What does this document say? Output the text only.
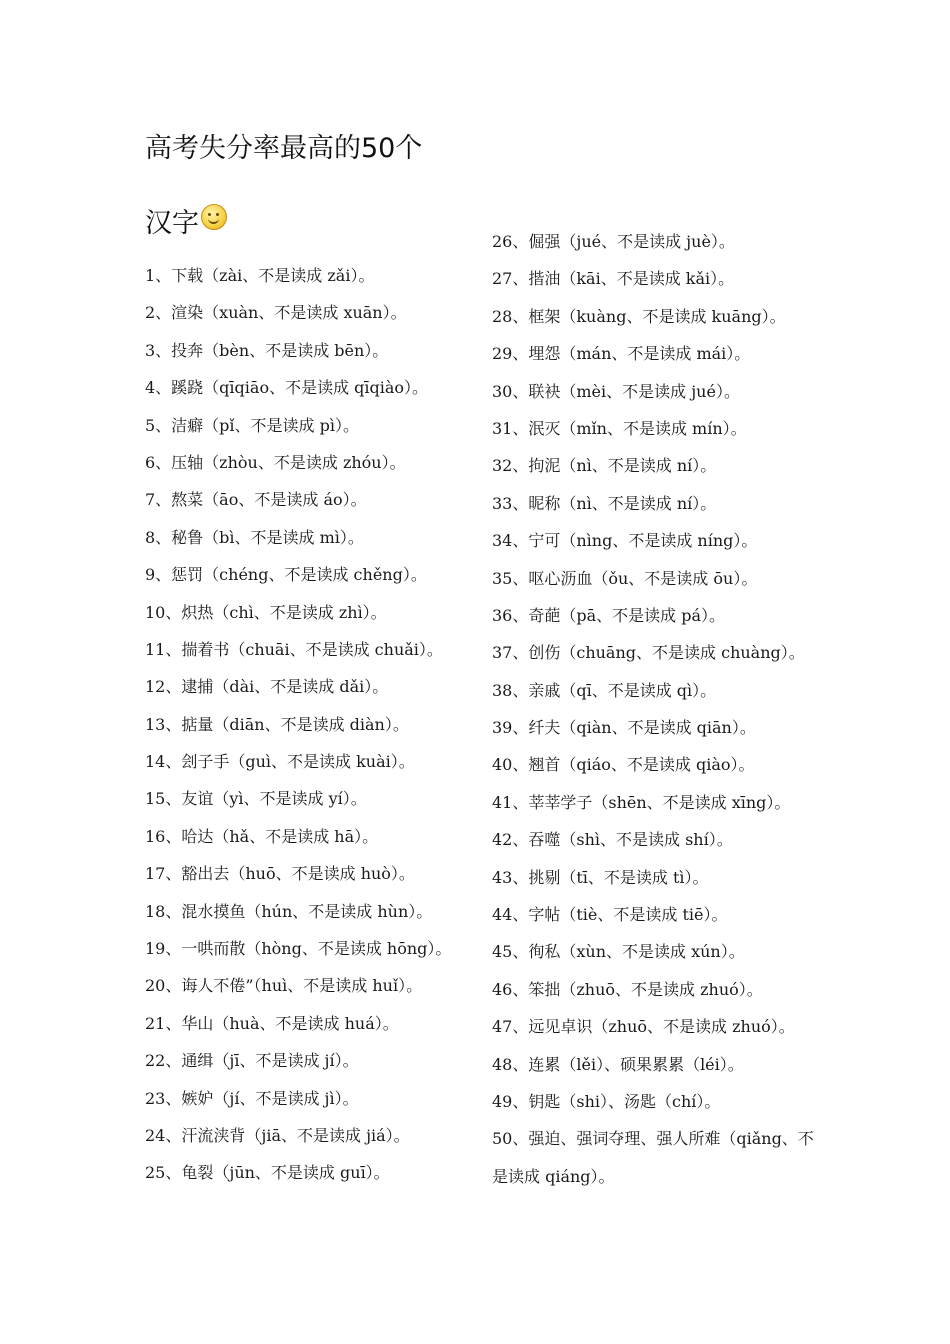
高考失分率最高的50个
汉字
1、下载（zài、不是读成 zǎi）。
2、渲染（xuàn、不是读成 xuān）。
3、投奔（bèn、不是读成 bēn）。
4、蹊跷（qīqiāo、不是读成 qīqiào）。
5、洁癖（pǐ、不是读成 pì）。
6、压轴（zhòu、不是读成 zhóu）。
7、熬菜（āo、不是读成 áo）。
8、秘鲁（bì、不是读成 mì）。
9、惩罚（chéng、不是读成 chěng）。
10、炽热（chì、不是读成 zhì）。
11、揣着书（chuāi、不是读成 chuǎi）。
12、逮捕（dài、不是读成 dǎi）。
13、掂量（diān、不是读成 diàn）。
14、刽子手（guì、不是读成 kuài）。
15、友谊（yì、不是读成 yí）。
16、哈达（hǎ、不是读成 hā）。
17、豁出去（huō、不是读成 huò）。
18、混水摸鱼（hún、不是读成 hùn）。
19、一哄而散（hòng、不是读成 hōng）。
20、诲人不倦”（huì、不是读成 huǐ）。
21、华山（huà、不是读成 huá）。
22、通缉（jī、不是读成 jí）。
23、嫉妒（jí、不是读成 jì）。
24、汗流浃背（jiā、不是读成 jiá）。
25、龟裂（jūn、不是读成 guī）。
26、倔强（jué、不是读成 juè）。
27、揩油（kāi、不是读成 kǎi）。
28、框架（kuàng、不是读成 kuāng）。
29、埋怨（mán、不是读成 mái）。
30、联袂（mèi、不是读成 jué）。
31、泯灭（mǐn、不是读成 mín）。
32、拘泥（nì、不是读成 ní）。
33、昵称（nì、不是读成 ní）。
34、宁可（nìng、不是读成 níng）。
35、呕心沥血（ǒu、不是读成 ōu）。
36、奇葩（pā、不是读成 pá）。
37、创伤（chuāng、不是读成 chuàng）。
38、亲戚（qī、不是读成 qì）。
39、纤夫（qiàn、不是读成 qiān）。
40、翘首（qiáo、不是读成 qiào）。
41、莘莘学子（shēn、不是读成 xīng）。
42、吞噬（shì、不是读成 shí）。
43、挑剔（tī、不是读成 tì）。
44、字帖（tiè、不是读成 tiē）。
45、徇私（xùn、不是读成 xún）。
46、笨拙（zhuō、不是读成 zhuó）。
47、远见卓识（zhuō、不是读成 zhuó）。
48、连累（lěi）、硕果累累（léi）。
49、钥匙（shi）、汤匙（chí）。
50、强迫、强词夺理、强人所难（qiǎng、不是读成 qiáng）。
